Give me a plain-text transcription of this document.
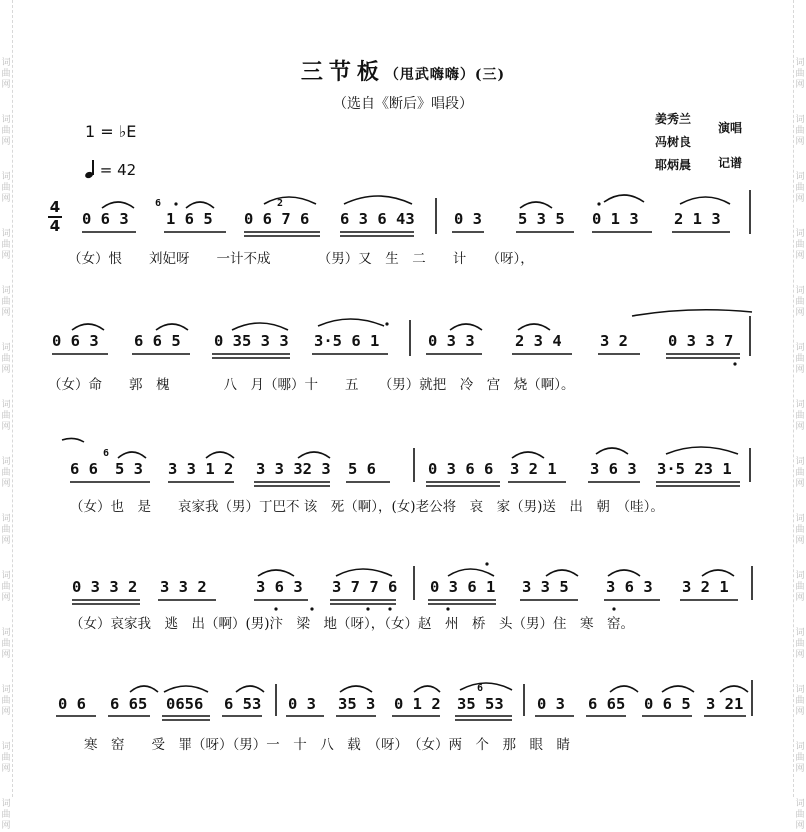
词
曲
网
词
曲
网
词
曲
网
词
曲
网
词
曲
网
词
曲
网
词
曲
网
词
曲
网
词
曲
网
词
曲
网
词
曲
网
词
曲
网
词
曲
网
词
曲
网
词
曲
网
词
曲
网
词
曲
网
词
曲
网
词
曲
网
词
曲
网
词
曲
网
词
曲
网
词
曲
网
词
曲
网
词
曲
网
词
曲
网
词
曲
网
词
曲
网
三节板（甩武嗨嗨）(三)
（选自《断后》唱段）
1 = ♭E
= 42
姜秀兰
冯树良
耶炳晨
演唱
记谱
4
4 0 6 3
6
1 6 5
2
0 6 7 6 6 3 6 43	0 3 5 3 5 0 1 3 2 1 3
（女）恨　　刘妃呀　　一计不成　　　　（男）又　生　二　　计　　（呀），
0 6 3 6 6 5 0 35 3 3 3·5 6 1	0 3 3	2 3 4 3 2	0 3 3 7
（女）命　　郭　槐　　　　八　月（哪）十　　五　　（男）就把　冷　宫　烧（啊）。
6 6
6
5 3 3 3 1 2 3 3 32 3 5 6	0 3 6 6 3 2 1 3 6 3 3·5 23 1
（女）也　是　　哀家我（男）丁巴不 该　死（啊），(女)老公将　哀　家（男)送　出　朝　（哇）。
0 3 3 2 3 3 2	3 6 3 3 7 7 6 0 3 6 1 3 3 5 3 6 3 3 2 1
（女）哀家我　逃　出（啊）(男)汴　梁　地（呀），（女）赵　州　桥　头（男）住　寒　窑。
0 6 6 65 0656 6 53 0 3 35 3 0 1 2
6
35 53 0 3 6 65 0 6 5 3 21
寒　窑　　受　罪（呀）（男）一　十　八　载　（呀）　（女）两　个　那　眼　睛
